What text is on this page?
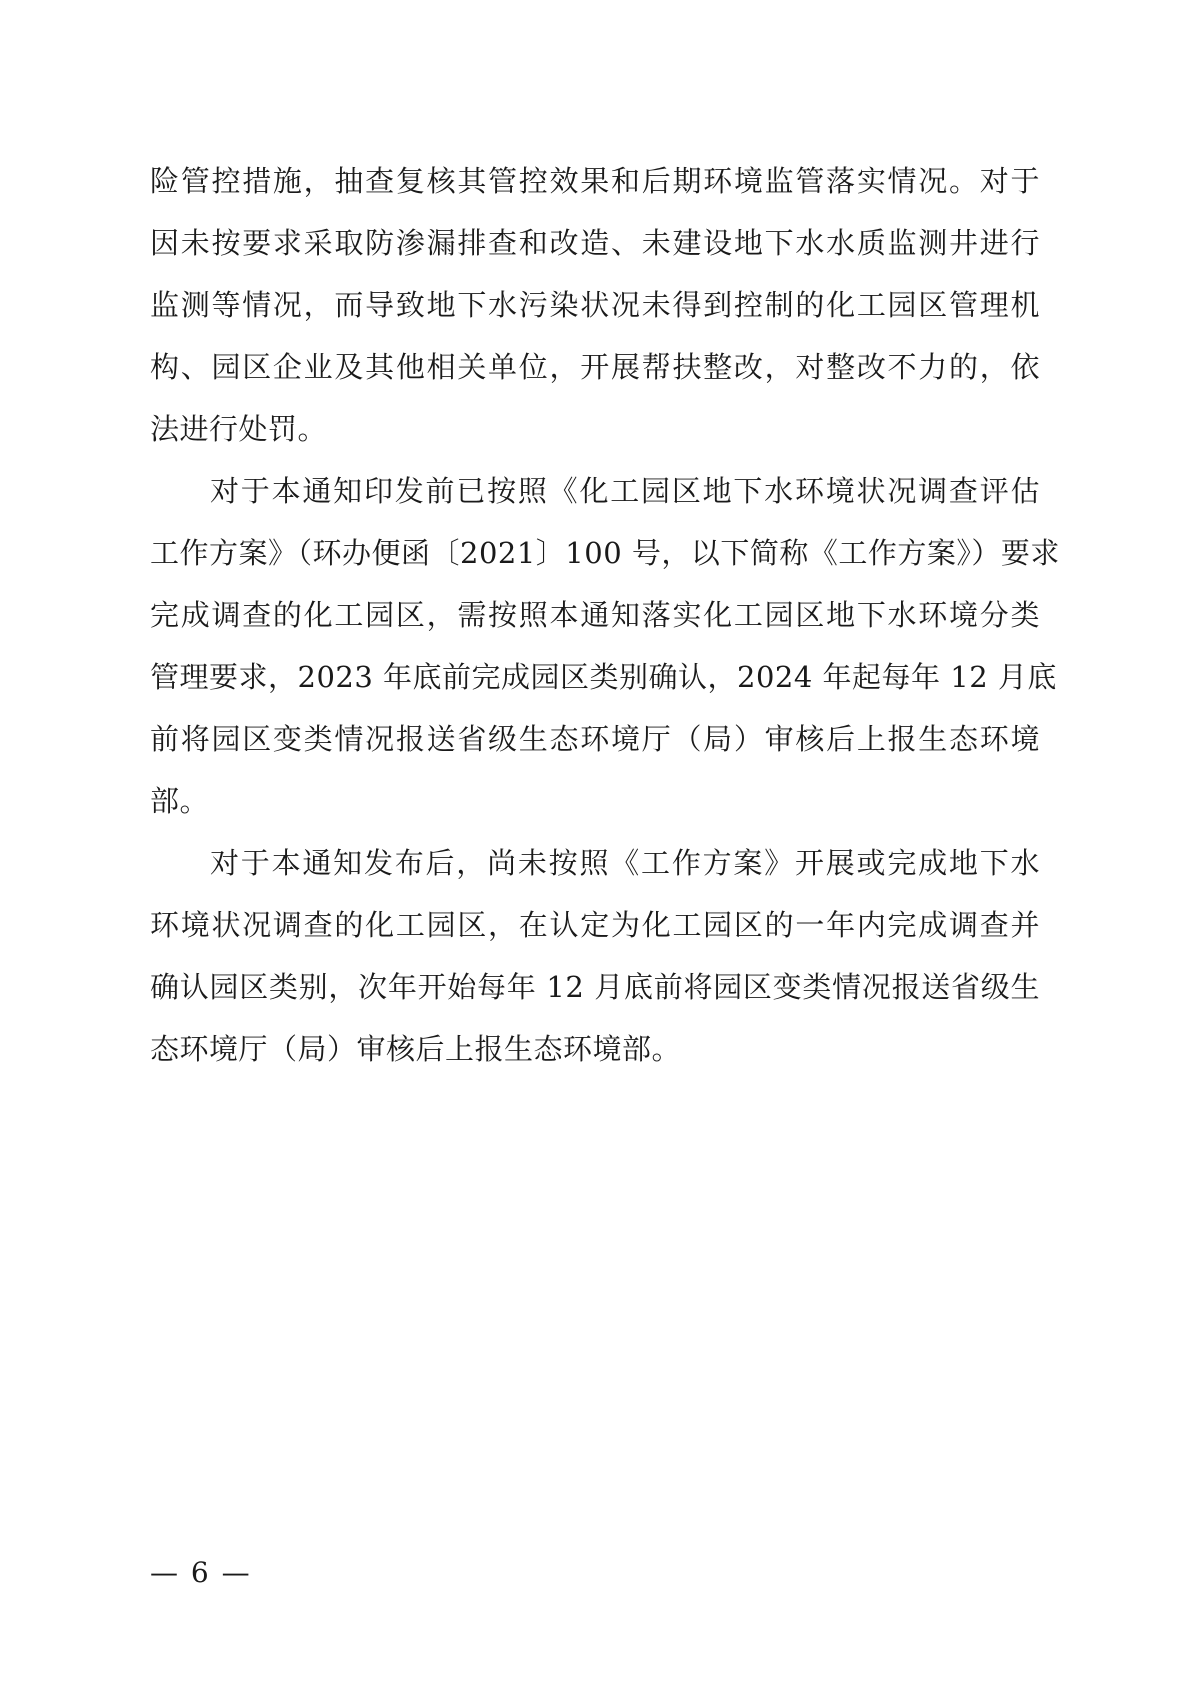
险管控措施，抽查复核其管控效果和后期环境监管落实情况。对于
因未按要求采取防渗漏排查和改造、未建设地下水水质监测井进行
监测等情况，而导致地下水污染状况未得到控制的化工园区管理机
构、园区企业及其他相关单位，开展帮扶整改，对整改不力的，依
法进行处罚。
对于本通知印发前已按照《化工园区地下水环境状况调查评估
工作方案》（环办便函〔2021〕100 号，以下简称《工作方案》）要求
完成调查的化工园区，需按照本通知落实化工园区地下水环境分类
管理要求，2023 年底前完成园区类别确认，2024 年起每年 12 月底
前将园区变类情况报送省级生态环境厅（局）审核后上报生态环境
部。
对于本通知发布后，尚未按照《工作方案》开展或完成地下水
环境状况调查的化工园区，在认定为化工园区的一年内完成调查并
确认园区类别，次年开始每年 12 月底前将园区变类情况报送省级生
态环境厅（局）审核后上报生态环境部。
— 6 —
